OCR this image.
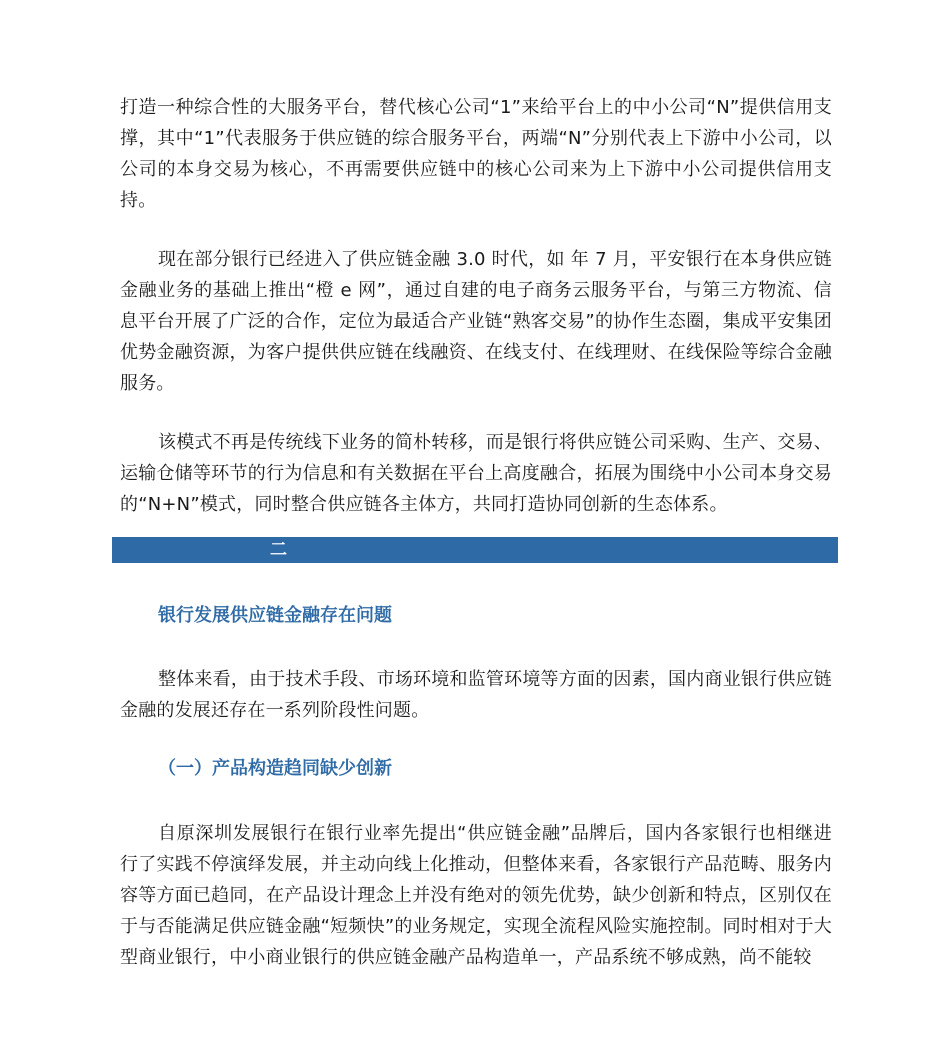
打造一种综合性的大服务平台，替代核心公司“1”来给平台上的中小公司“N”提供信用支撑，其中“1”代表服务于供应链的综合服务平台，两端“N”分别代表上下游中小公司，以公司的本身交易为核心，不再需要供应链中的核心公司来为上下游中小公司提供信用支持。

现在部分银行已经进入了供应链金融 3.0 时代，如 年 7 月，平安银行在本身供应链金融业务的基础上推出“橙 e 网”，通过自建的电子商务云服务平台，与第三方物流、信息平台开展了广泛的合作，定位为最适合产业链“熟客交易”的协作生态圈，集成平安集团优势金融资源，为客户提供供应链在线融资、在线支付、在线理财、在线保险等综合金融服务。

该模式不再是传统线下业务的简朴转移，而是银行将供应链公司采购、生产、交易、运输仓储等环节的行为信息和有关数据在平台上高度融合，拓展为围绕中小公司本身交易的“N+N”模式，同时整合供应链各主体方，共同打造协同创新的生态体系。

二
银行发展供应链金融存在问题

整体来看，由于技术手段、市场环境和监管环境等方面的因素，国内商业银行供应链金融的发展还存在一系列阶段性问题。

（一）产品构造趋同缺少创新

自原深圳发展银行在银行业率先提出“供应链金融”品牌后，国内各家银行也相继进行了实践不停演绎发展，并主动向线上化推动，但整体来看，各家银行产品范畴、服务内容等方面已趋同，在产品设计理念上并没有绝对的领先优势，缺少创新和特点，区别仅在于与否能满足供应链金融“短频快”的业务规定，实现全流程风险实施控制。同时相对于大型商业银行，中小商业银行的供应链金融产品构造单一，产品系统不够成熟，尚不能较
